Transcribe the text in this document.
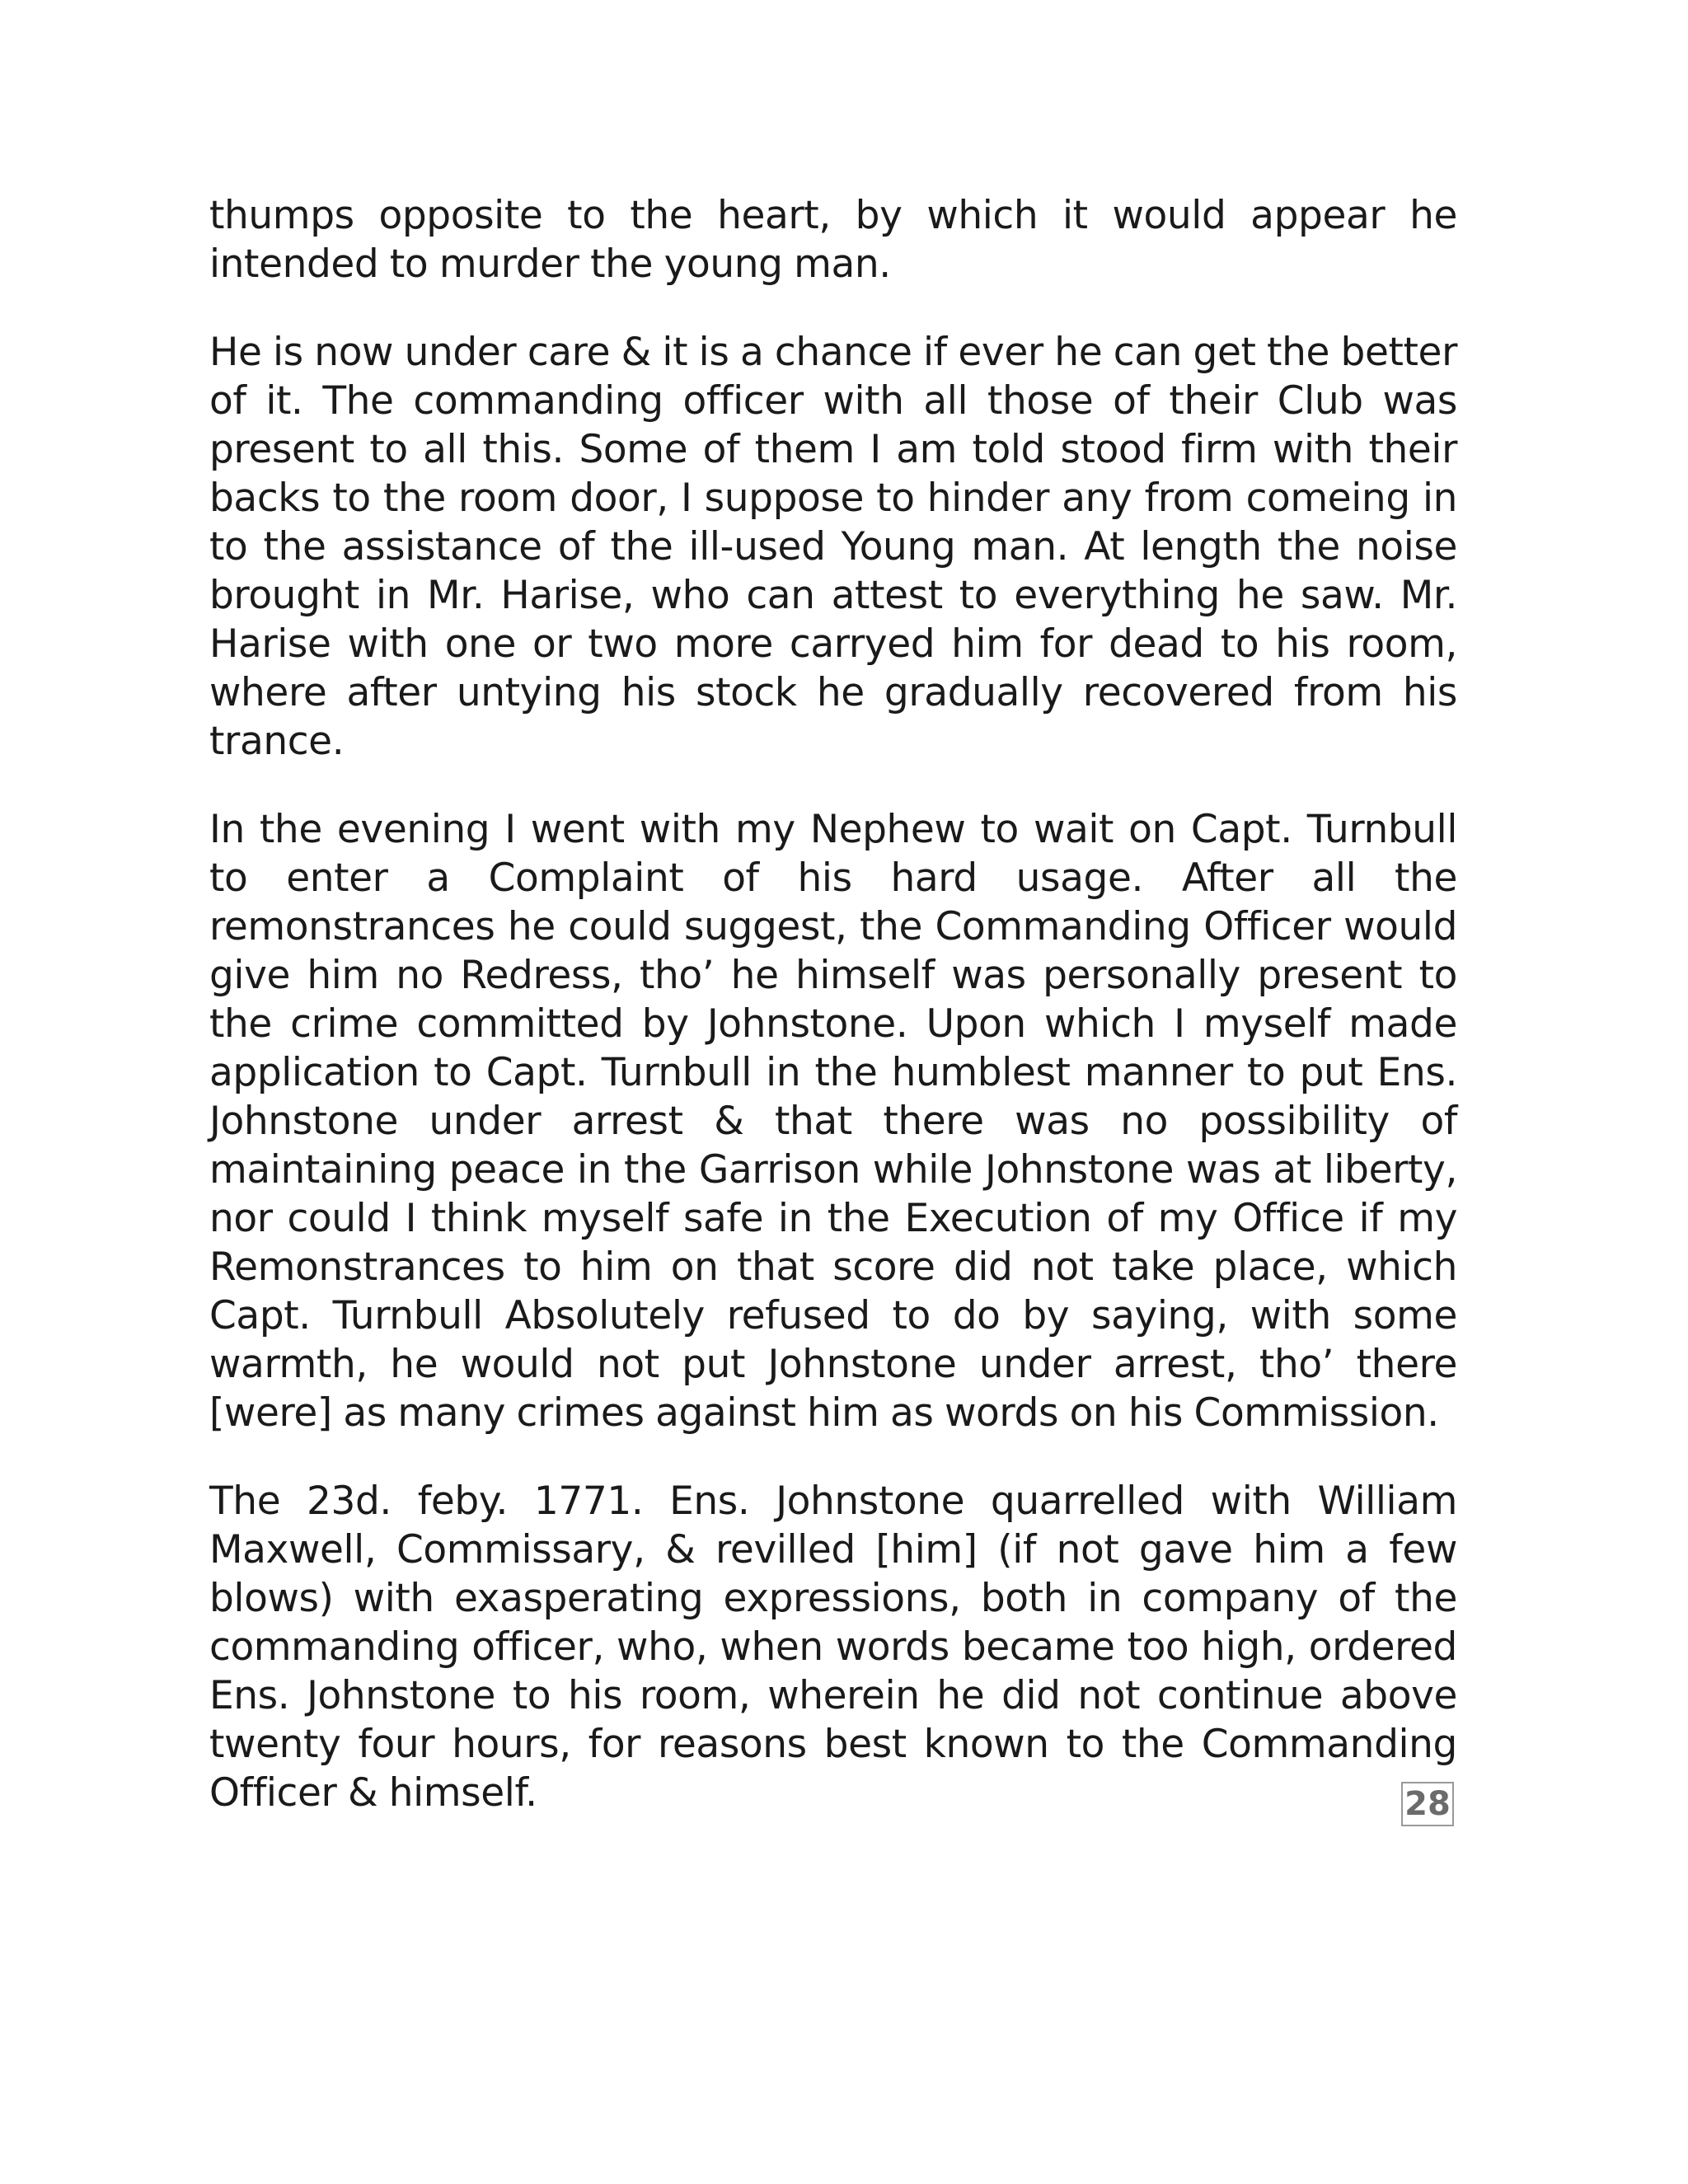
thumps opposite to the heart, by which it would appear he intended to murder the young man.

He is now under care & it is a chance if ever he can get the better of it. The commanding officer with all those of their Club was present to all this. Some of them I am told stood firm with their backs to the room door, I suppose to hinder any from comeing in to the assistance of the ill-used Young man. At length the noise brought in Mr. Harise, who can attest to everything he saw. Mr. Harise with one or two more carryed him for dead to his room, where after untying his stock he gradually recovered from his trance.

In the evening I went with my Nephew to wait on Capt. Turnbull to enter a Complaint of his hard usage. After all the remonstrances he could suggest, the Commanding Officer would give him no Redress, tho’ he himself was personally present to the crime committed by Johnstone. Upon which I myself made application to Capt. Turnbull in the humblest manner to put Ens. Johnstone under arrest & that there was no possibility of maintaining peace in the Garrison while Johnstone was at liberty, nor could I think myself safe in the Execution of my Office if my Remonstrances to him on that score did not take place, which Capt. Turnbull Absolutely refused to do by saying, with some warmth, he would not put Johnstone under arrest, tho’ there [were] as many crimes against him as words on his Commission.

The 23d. feby. 1771. Ens. Johnstone quarrelled with William Maxwell, Commissary, & revilled [him] (if not gave him a few blows) with exasperating expressions, both in company of the commanding officer, who, when words became too high, ordered Ens. Johnstone to his room, wherein he did not continue above twenty four hours, for reasons best known to the Commanding Officer & himself.	28
